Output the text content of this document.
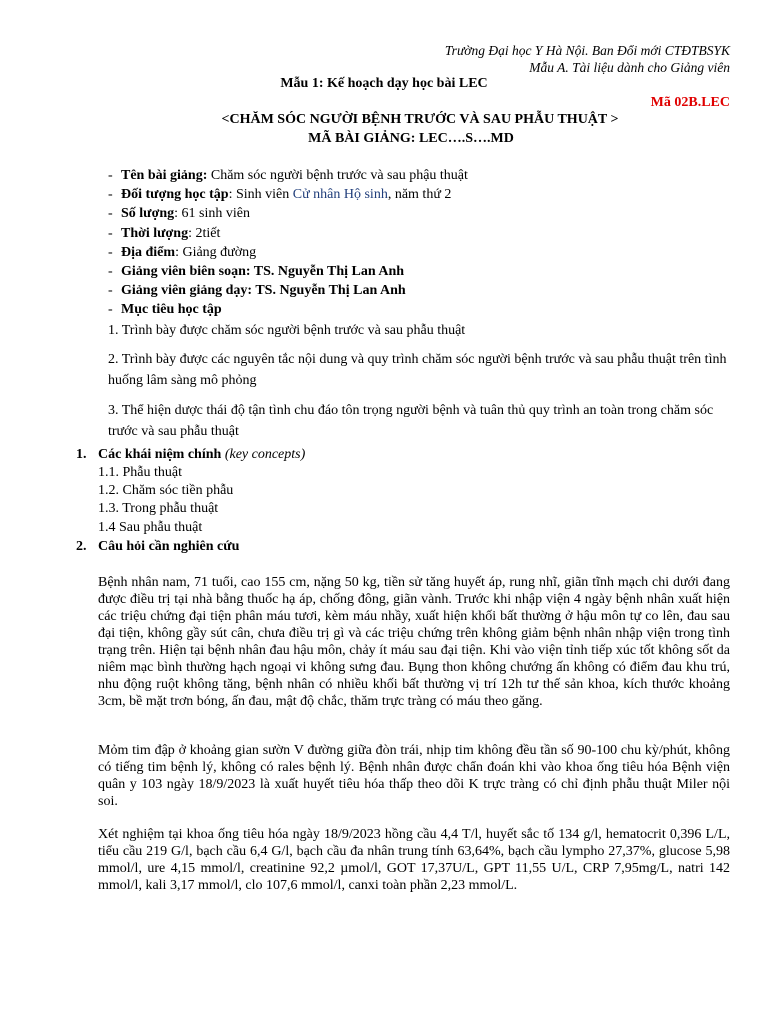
Trường Đại học Y Hà Nội. Ban Đổi mới CTĐTBSYK
Mẫu A. Tài liệu dành cho Giảng viên
Mẫu 1: Kế hoạch dạy học bài LEC
Mã 02B.LEC
<CHĂM SÓC NGƯỜI BỆNH TRƯỚC VÀ SAU PHẪU THUẬT >
MÃ BÀI GIẢNG: LEC….S….MD
- Tên bài giảng: Chăm sóc người bệnh trước và sau phậu thuật
- Đối tượng học tập: Sinh viên Cử nhân Hộ sinh, năm thứ 2
- Số lượng: 61 sinh viên
- Thời lượng: 2tiết
- Địa điểm: Giảng đường
- Giảng viên biên soạn: TS. Nguyễn Thị Lan Anh
- Giảng viên giảng dạy: TS. Nguyễn Thị Lan Anh
- Mục tiêu học tập
1. Trình bày được chăm sóc người bệnh trước và sau phẫu thuật
2. Trình bày được các nguyên tắc nội dung và quy trình chăm sóc người bệnh trước và sau phẫu thuật trên tình huống lâm sàng mô phỏng
3. Thể hiện dược thái độ tận tình chu đáo tôn trọng người bệnh và tuân thủ quy trình an toàn trong chăm sóc trước và sau phẫu thuật
1. Các khái niệm chính (key concepts)
1.1. Phẫu thuật
1.2. Chăm sóc tiền phẫu
1.3. Trong phẫu thuật
1.4 Sau phẫu thuật
2. Câu hỏi cần nghiên cứu

Bệnh nhân nam, 71 tuổi, cao 155 cm, nặng 50 kg, tiền sử tăng huyết áp, rung nhĩ, giãn tĩnh mạch chi dưới đang được điều trị tại nhà bằng thuốc hạ áp, chống đông, giãn vành. Trước khi nhập viện 4 ngày bệnh nhân xuất hiện các triệu chứng đại tiện phân máu tươi, kèm máu nhầy, xuất hiện khối bất thường ở hậu môn tự co lên, đau sau đại tiện, không gầy sút cân, chưa điều trị gì và các triệu chứng trên không giảm bệnh nhân nhập viện trong tình trạng trên. Hiện tại bệnh nhân đau hậu môn, chảy ít máu sau đại tiện. Khi vào viện tỉnh tiếp xúc tốt không sốt da niêm mạc bình thường hạch ngoại vi không sưng đau. Bụng thon không chướng ấn không có điểm đau khu trú, nhu động ruột không tăng, bệnh nhân có nhiều khối bất thường vị trí 12h tư thế sản khoa, kích thước khoảng 3cm, bề mặt trơn bóng, ấn đau, mật độ chắc, thăm trực tràng có máu theo găng.

Mỏm tim đập ở khoảng gian sườn V đường giữa đòn trái, nhịp tim không đều tần số 90-100 chu kỳ/phút, không có tiếng tim bệnh lý, không có rales bệnh lý. Bệnh nhân được chẩn đoán khi vào khoa ống tiêu hóa Bệnh viện quân y 103 ngày 18/9/2023 là xuất huyết tiêu hóa thấp theo dõi K trực tràng có chỉ định phẫu thuật Miler nội soi.

Xét nghiệm tại khoa ống tiêu hóa ngày 18/9/2023 hồng cầu 4,4 T/l, huyết sắc tố 134 g/l, hematocrit 0,396 L/L, tiểu cầu 219 G/l, bạch cầu 6,4 G/l, bạch cầu đa nhân trung tính 63,64%, bạch cầu lympho 27,37%, glucose 5,98 mmol/l, ure 4,15 mmol/l, creatinine 92,2 µmol/l, GOT 17,37U/L, GPT 11,55 U/L, CRP 7,95mg/L, natri 142 mmol/l, kali 3,17 mmol/l, clo 107,6 mmol/l, canxi toàn phần 2,23 mmol/L.
